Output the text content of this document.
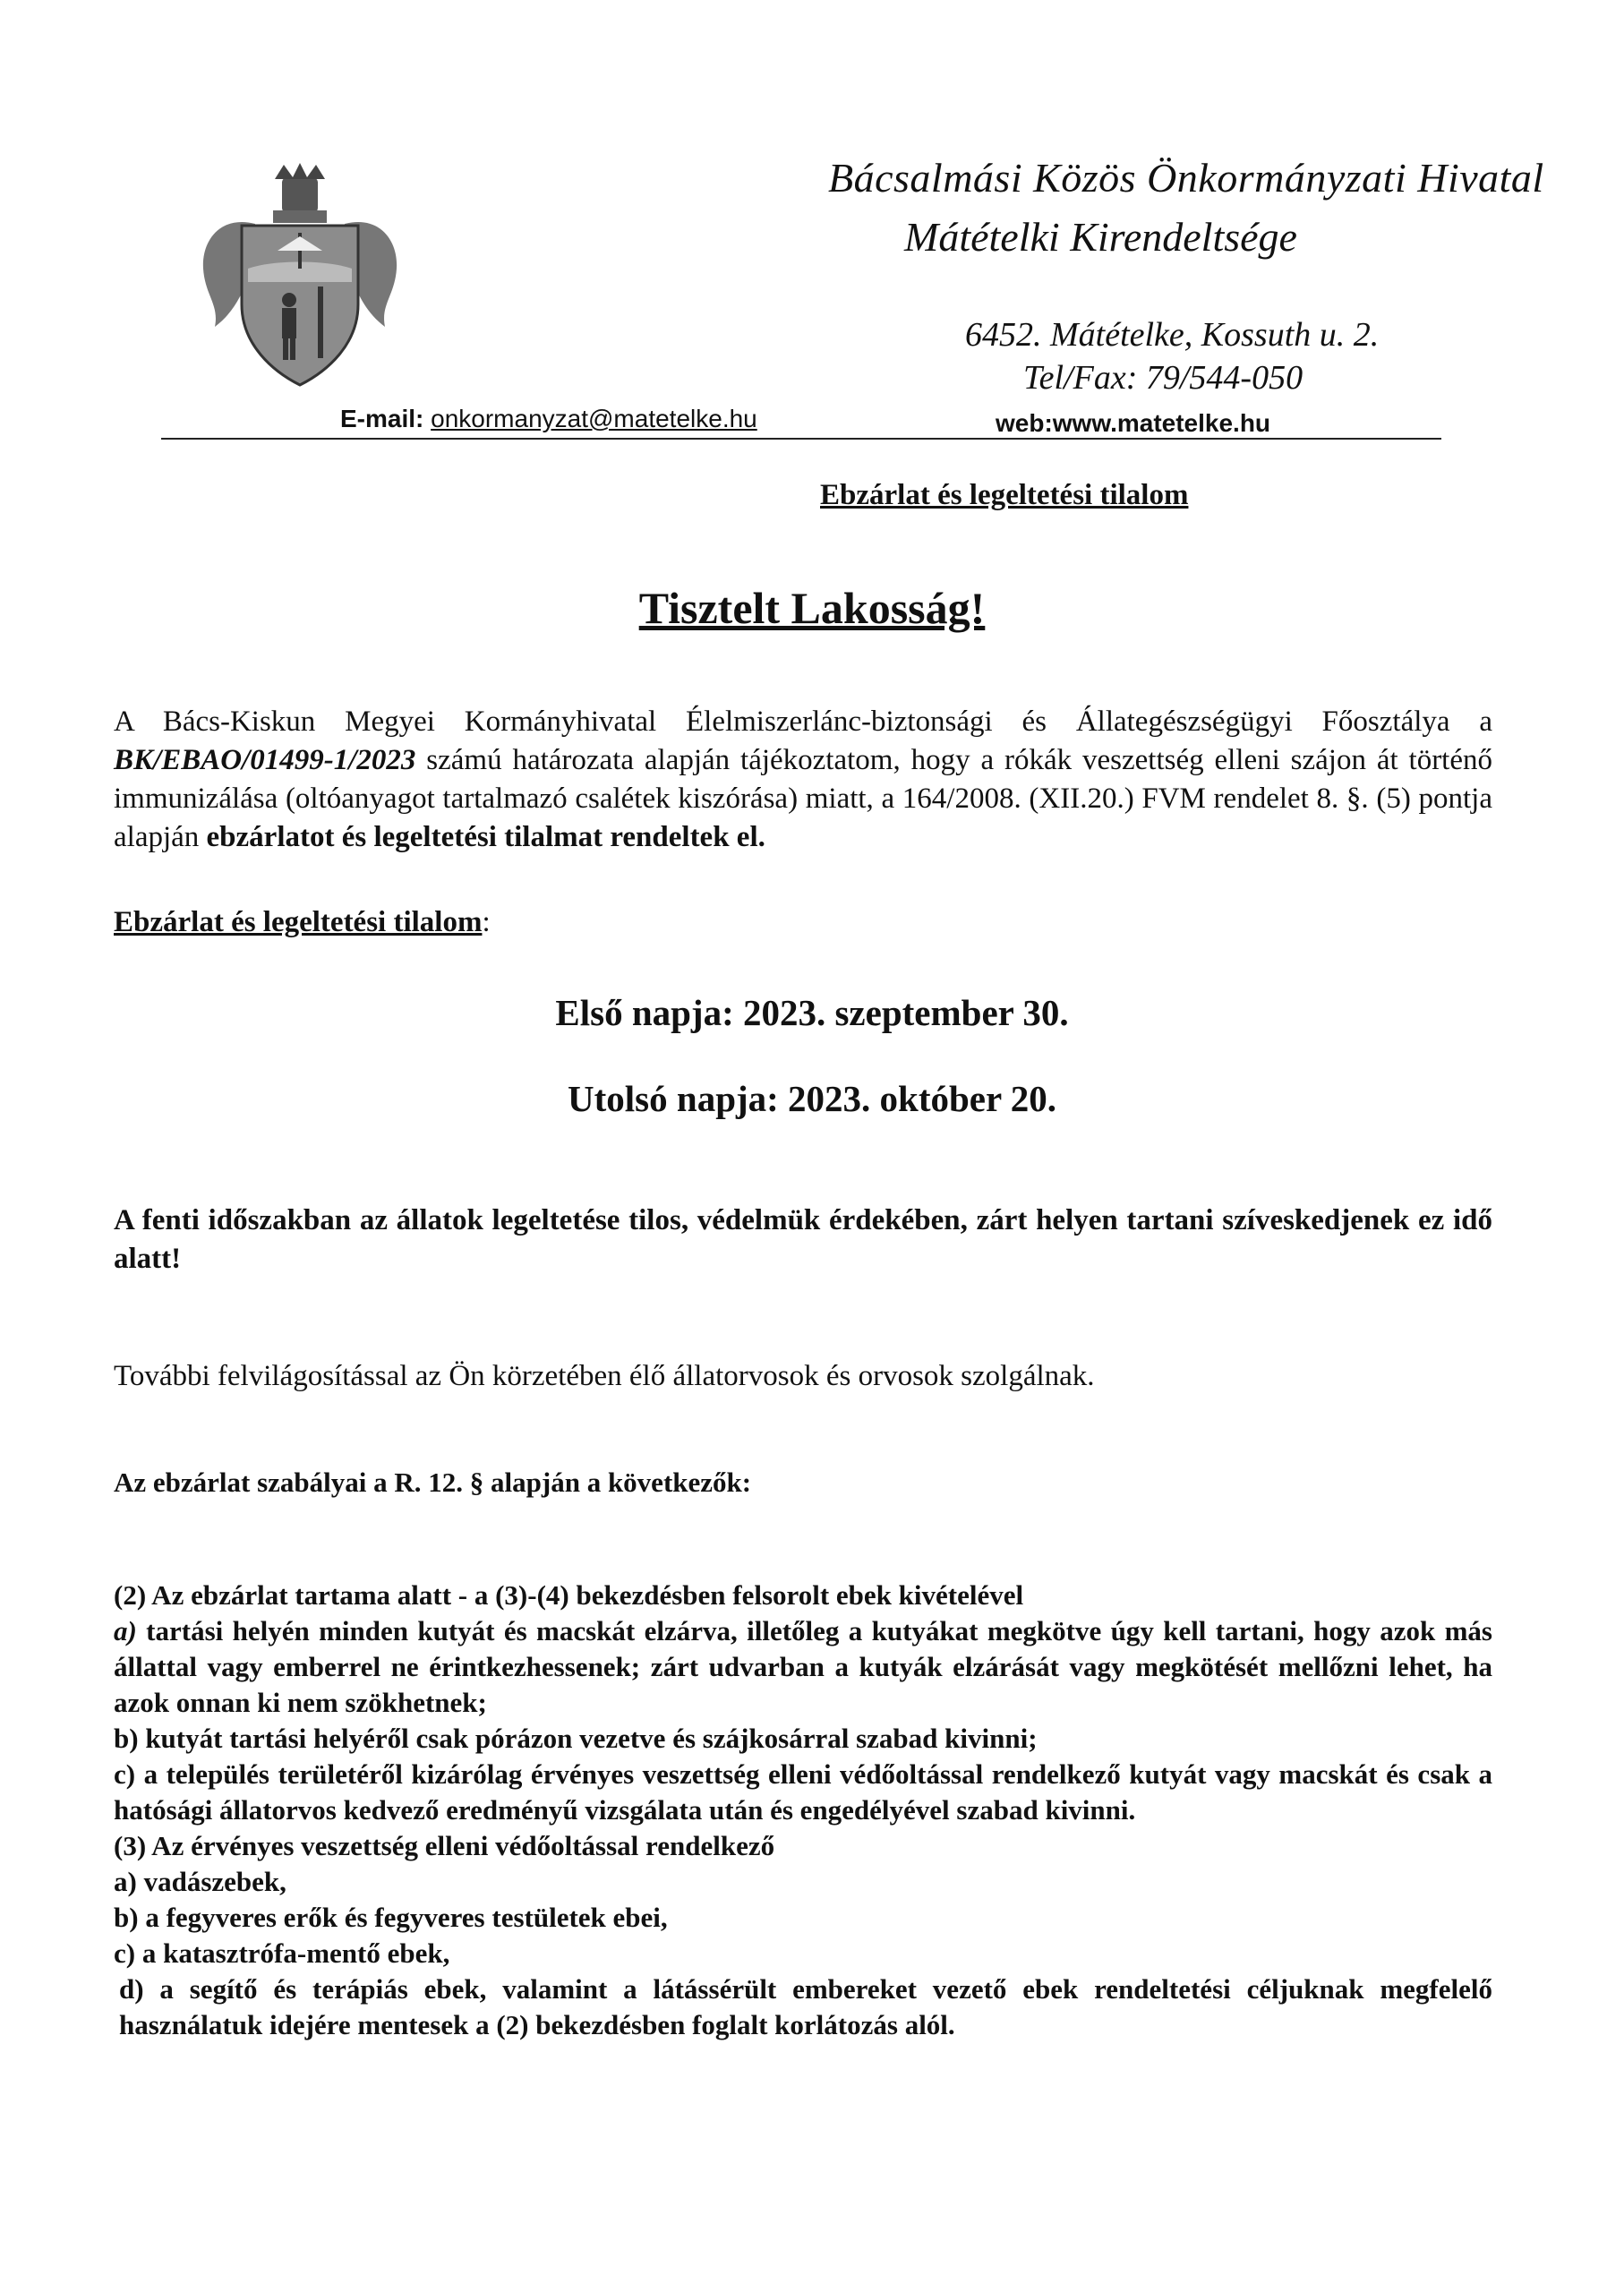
Bácsalmási Közös Önkormányzati Hivatal
Mátételki Kirendeltsége
6452. Mátételke, Kossuth u. 2.
Tel/Fax: 79/544-050
E-mail: onkormanyzat@matetelke.hu	web:www.matetelke.hu
Ebzárlat és legeltetési tilalom
Tisztelt Lakosság!
A Bács-Kiskun Megyei Kormányhivatal Élelmiszerlánc-biztonsági és Állategészségügyi Főosztálya a BK/EBAO/01499-1/2023 számú határozata alapján tájékoztatom, hogy a rókák veszettség elleni szájon át történő immunizálása (oltóanyagot tartalmazó csalétek kiszórása) miatt, a 164/2008. (XII.20.) FVM rendelet 8. §. (5) pontja alapján ebzárlatot és legeltetési tilalmat rendeltek el.
Ebzárlat és legeltetési tilalom:
Első napja: 2023. szeptember 30.
Utolsó napja: 2023. október 20.
A fenti időszakban az állatok legeltetése tilos, védelmük érdekében, zárt helyen tartani szíveskedjenek ez idő alatt!
További felvilágosítással az Ön körzetében élő állatorvosok és orvosok szolgálnak.
Az ebzárlat szabályai a R. 12. § alapján a következők:
(2) Az ebzárlat tartama alatt - a (3)-(4) bekezdésben felsorolt ebek kivételével
a) tartási helyén minden kutyát és macskát elzárva, illetőleg a kutyákat megkötve úgy kell tartani, hogy azok más állattal vagy emberrel ne érintkezhessenek; zárt udvarban a kutyák elzárását vagy megkötését mellőzni lehet, ha azok onnan ki nem szökhetnek;
b) kutyát tartási helyéről csak pórázon vezetve és szájkosárral szabad kivinni;
c) a település területéről kizárólag érvényes veszettség elleni védőoltással rendelkező kutyát vagy macskát és csak a hatósági állatorvos kedvező eredményű vizsgálata után és engedélyével szabad kivinni.
(3) Az érvényes veszettség elleni védőoltással rendelkező
a) vadászebek,
b) a fegyveres erők és fegyveres testületek ebei,
c) a katasztrófa-mentő ebek,
d) a segítő és terápiás ebek, valamint a látássérült embereket vezető ebek rendeltetési céljuknak megfelelő használatuk idejére mentesek a (2) bekezdésben foglalt korlátozás alól.
